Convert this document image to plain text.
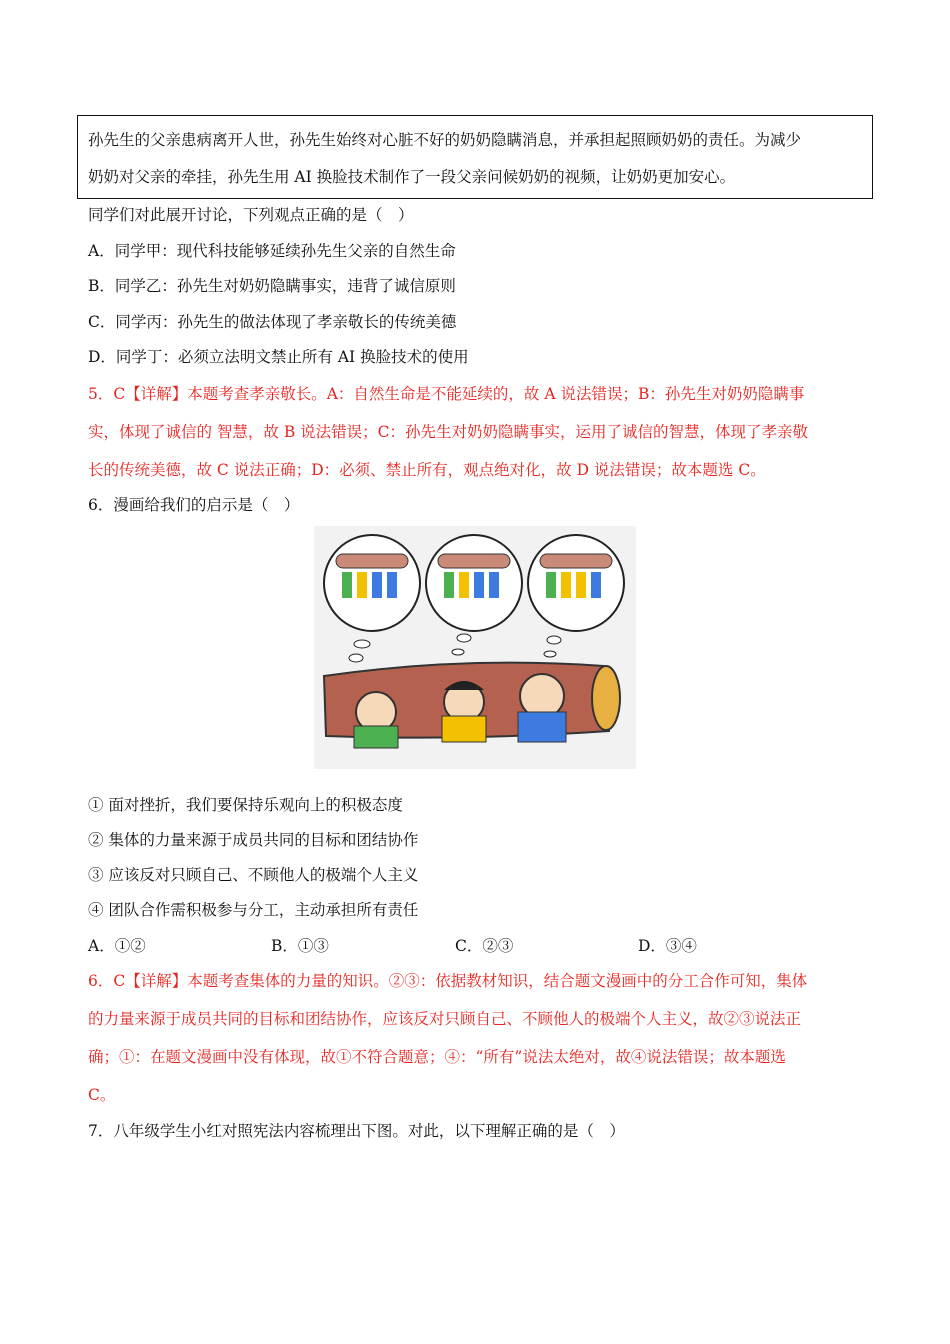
孙先生的父亲患病离开人世，孙先生始终对心脏不好的奶奶隐瞒消息，并承担起照顾奶奶的责任。为减少

奶奶对父亲的牵挂，孙先生用 AI 换脸技术制作了一段父亲问候奶奶的视频，让奶奶更加安心。

同学们对此展开讨论，下列观点正确的是（　）
A．同学甲：现代科技能够延续孙先生父亲的自然生命
B．同学乙：孙先生对奶奶隐瞒事实，违背了诚信原则
C．同学丙：孙先生的做法体现了孝亲敬长的传统美德
D．同学丁：必须立法明文禁止所有 AI 换脸技术的使用

5．C【详解】本题考查孝亲敬长。A：自然生命是不能延续的，故 A 说法错误；B：孙先生对奶奶隐瞒事

实，体现了诚信的 智慧，故 B 说法错误；C：孙先生对奶奶隐瞒事实，运用了诚信的智慧，体现了孝亲敬

长的传统美德，故 C 说法正确；D：必须、禁止所有，观点绝对化，故 D 说法错误；故本题选 C。

6．漫画给我们的启示是（　）
① 面对挫折，我们要保持乐观向上的积极态度
② 集体的力量来源于成员共同的目标和团结协作
③ 应该反对只顾自己、不顾他人的极端个人主义
④ 团队合作需积极参与分工，主动承担所有责任
A．①②	B．①③	C．②③	D．③④

6．C【详解】本题考查集体的力量的知识。②③：依据教材知识，结合题文漫画中的分工合作可知，集体

的力量来源于成员共同的目标和团结协作，应该反对只顾自己、不顾他人的极端个人主义，故②③说法正

确；①：在题文漫画中没有体现，故①不符合题意；④：“所有”说法太绝对，故④说法错误；故本题选

C。

7．八年级学生小红对照宪法内容梳理出下图。对此，以下理解正确的是（　）
